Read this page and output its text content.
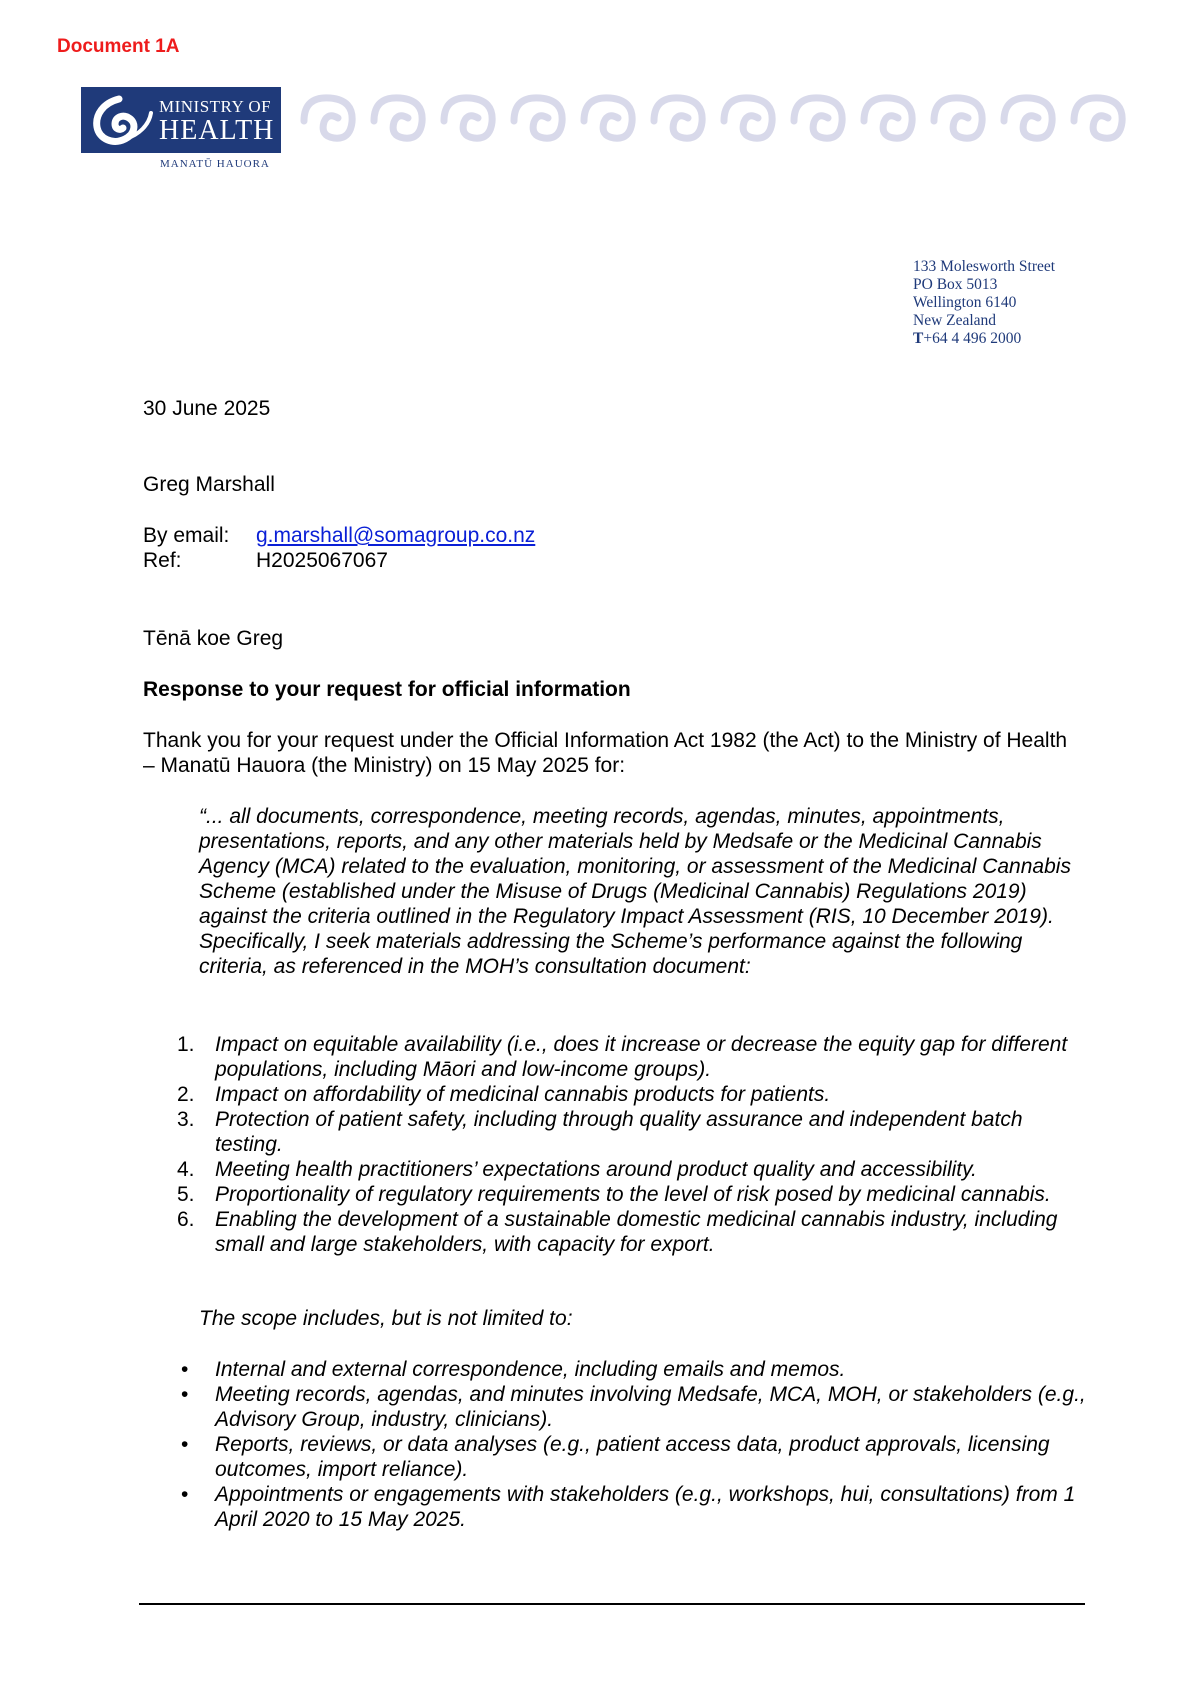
Document 1A
MINISTRY OF
HEALTH
MANATŪ HAUORA
133 Molesworth Street
PO Box 5013
Wellington 6140
New Zealand
T+64 4 496 2000
30 June 2025
Greg Marshall
By email: g.marshall@somagroup.co.nz
Ref:	H2025067067
Tēnā koe Greg
Response to your request for official information
Thank you for your request under the Official Information Act 1982 (the Act) to the Ministry of Health – Manatū Hauora (the Ministry) on 15 May 2025 for:
“... all documents, correspondence, meeting records, agendas, minutes, appointments, presentations, reports, and any other materials held by Medsafe or the Medicinal Cannabis Agency (MCA) related to the evaluation, monitoring, or assessment of the Medicinal Cannabis Scheme (established under the Misuse of Drugs (Medicinal Cannabis) Regulations 2019) against the criteria outlined in the Regulatory Impact Assessment (RIS, 10 December 2019). Specifically, I seek materials addressing the Scheme’s performance against the following criteria, as referenced in the MOH’s consultation document:
1. Impact on equitable availability (i.e., does it increase or decrease the equity gap for different populations, including Māori and low-income groups).
2. Impact on affordability of medicinal cannabis products for patients.
3. Protection of patient safety, including through quality assurance and independent batch testing.
4. Meeting health practitioners’ expectations around product quality and accessibility.
5. Proportionality of regulatory requirements to the level of risk posed by medicinal cannabis.
6. Enabling the development of a sustainable domestic medicinal cannabis industry, including small and large stakeholders, with capacity for export.
The scope includes, but is not limited to:
• Internal and external correspondence, including emails and memos.
• Meeting records, agendas, and minutes involving Medsafe, MCA, MOH, or stakeholders (e.g., Advisory Group, industry, clinicians).
• Reports, reviews, or data analyses (e.g., patient access data, product approvals, licensing outcomes, import reliance).
• Appointments or engagements with stakeholders (e.g., workshops, hui, consultations) from 1 April 2020 to 15 May 2025.
